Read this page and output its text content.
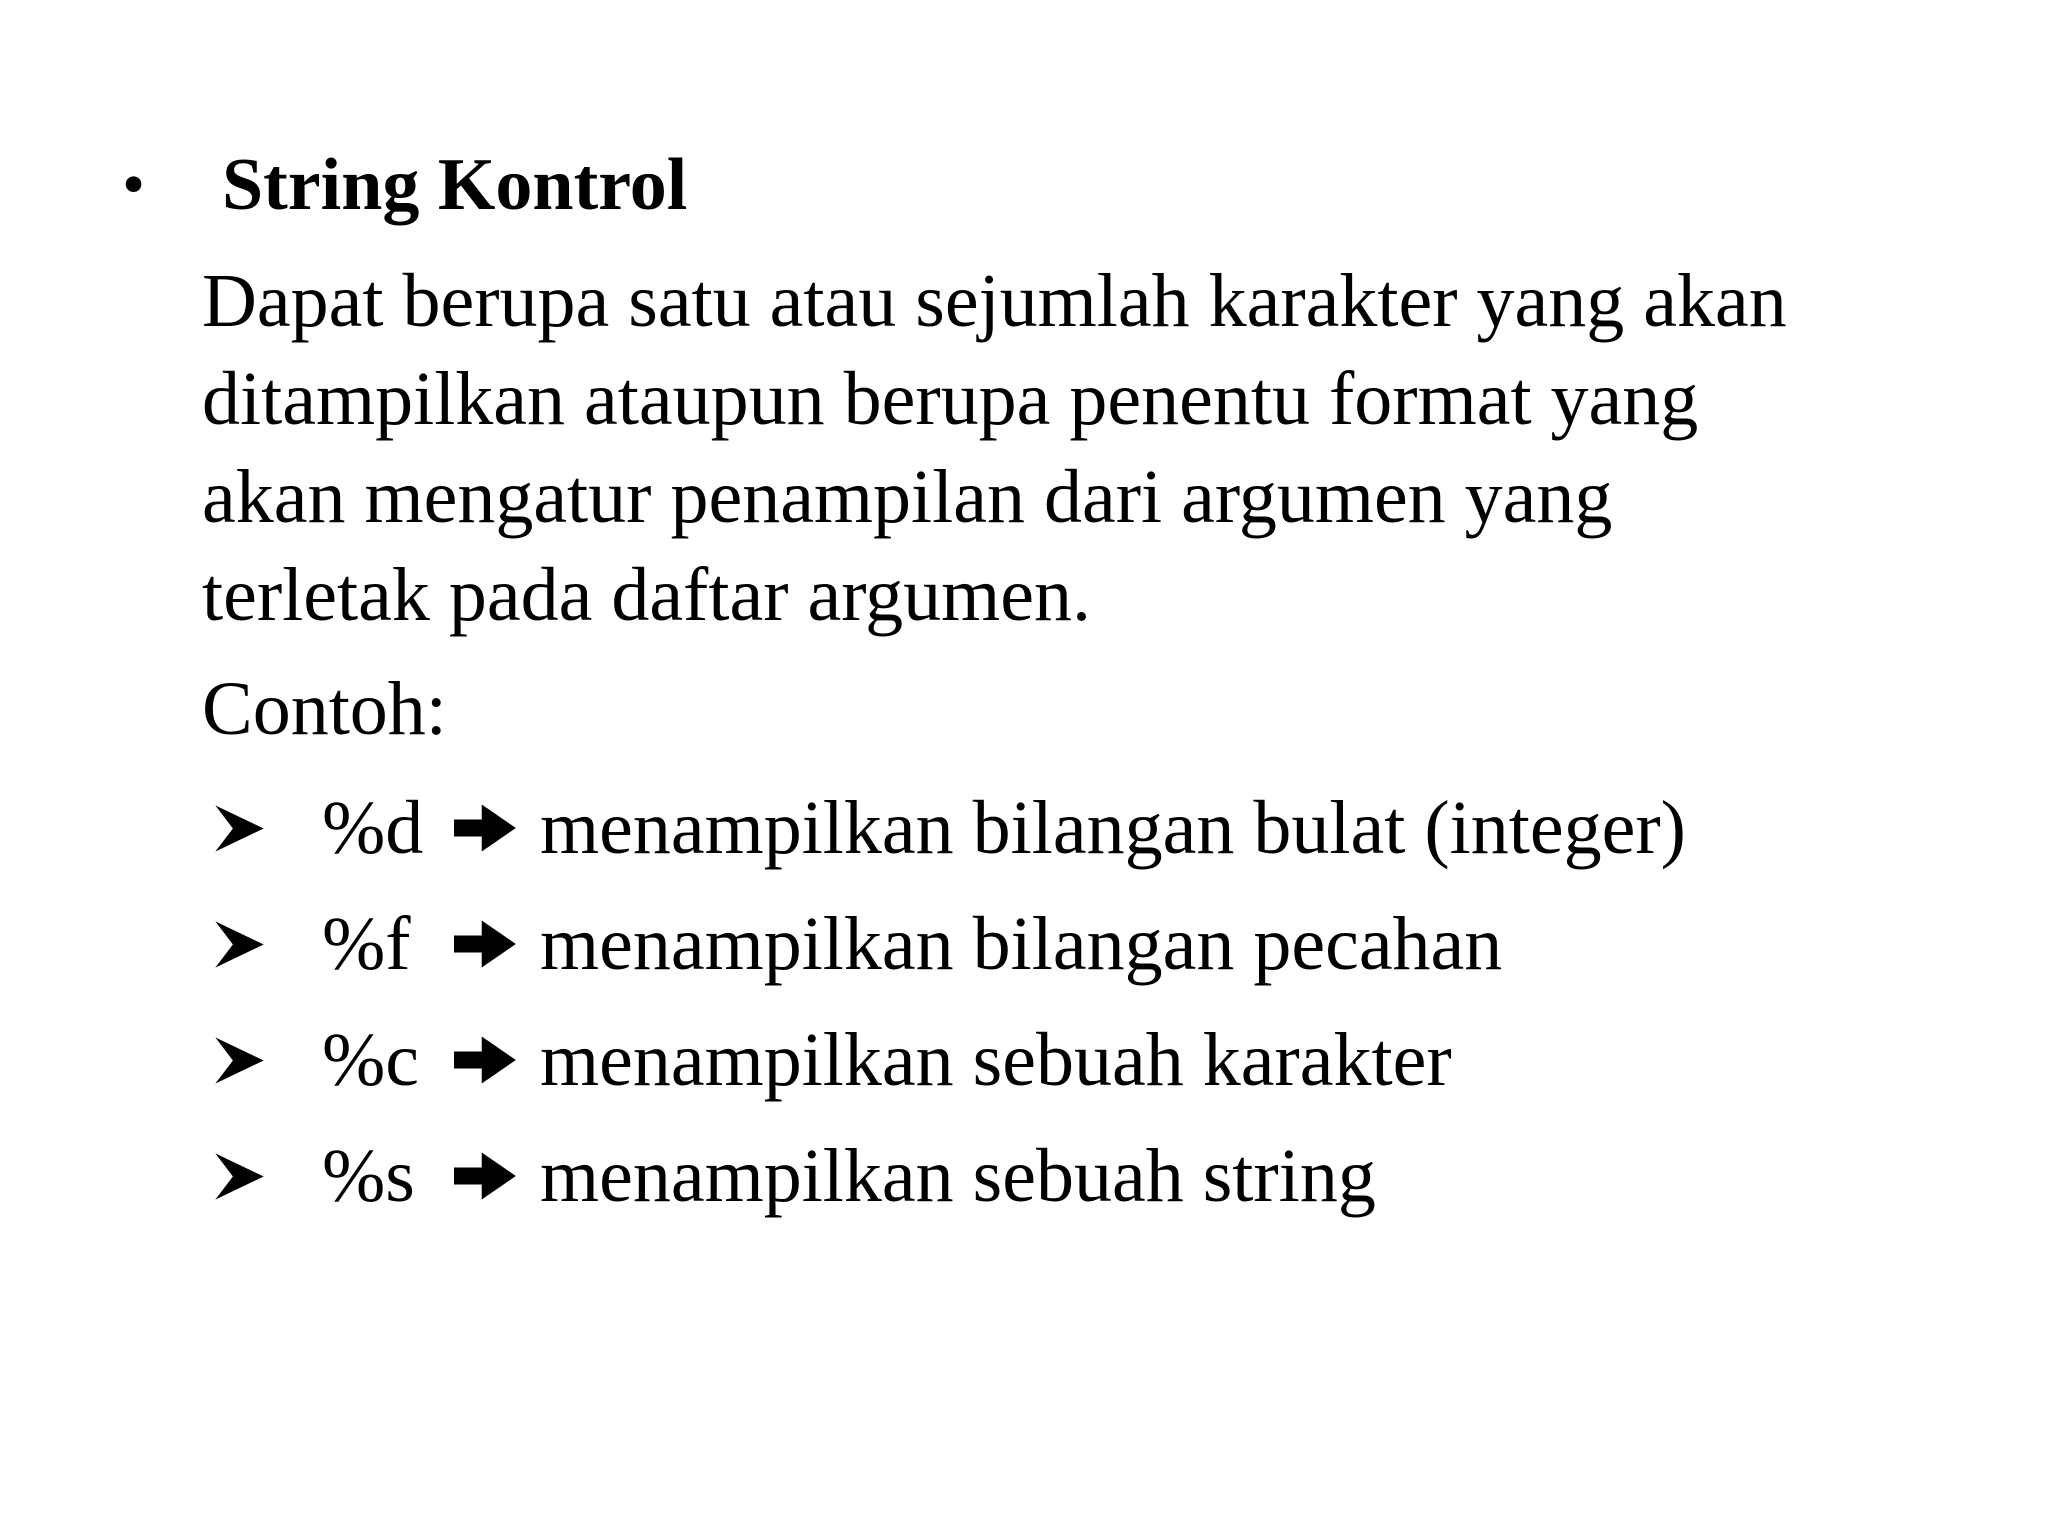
• String Kontrol

Dapat berupa satu atau sejumlah karakter yang akan
ditampilkan ataupun berupa penentu format yang
akan mengatur penampilan dari argumen yang
terletak pada daftar argumen.

Contoh:
%d	menampilkan bilangan bulat (integer)
%f	menampilkan bilangan pecahan
%c	menampilkan sebuah karakter
%s	menampilkan sebuah string
